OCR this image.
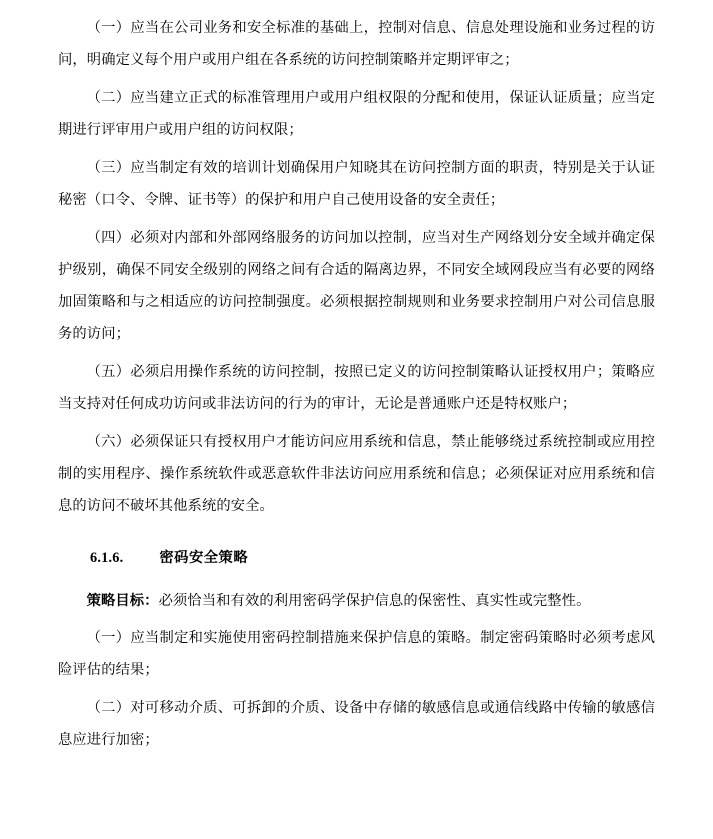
（一）应当在公司业务和安全标准的基础上，控制对信息、信息处理设施和业务过程的访问，明确定义每个用户或用户组在各系统的访问控制策略并定期评审之；

（二）应当建立正式的标准管理用户或用户组权限的分配和使用，保证认证质量；应当定期进行评审用户或用户组的访问权限；

（三）应当制定有效的培训计划确保用户知晓其在访问控制方面的职责，特别是关于认证秘密（口令、令牌、证书等）的保护和用户自己使用设备的安全责任；

（四）必须对内部和外部网络服务的访问加以控制，应当对生产网络划分安全域并确定保护级别，确保不同安全级别的网络之间有合适的隔离边界，不同安全域网段应当有必要的网络加固策略和与之相适应的访问控制强度。必须根据控制规则和业务要求控制用户对公司信息服务的访问；

（五）必须启用操作系统的访问控制，按照已定义的访问控制策略认证授权用户；策略应当支持对任何成功访问或非法访问的行为的审计，无论是普通账户还是特权账户；

（六）必须保证只有授权用户才能访问应用系统和信息，禁止能够绕过系统控制或应用控制的实用程序、操作系统软件或恶意软件非法访问应用系统和信息；必须保证对应用系统和信息的访问不破坏其他系统的安全。

6.1.6.	密码安全策略

策略目标：必须恰当和有效的利用密码学保护信息的保密性、真实性或完整性。

（一）应当制定和实施使用密码控制措施来保护信息的策略。制定密码策略时必须考虑风险评估的结果；

（二）对可移动介质、可拆卸的介质、设备中存储的敏感信息或通信线路中传输的敏感信息应进行加密；
